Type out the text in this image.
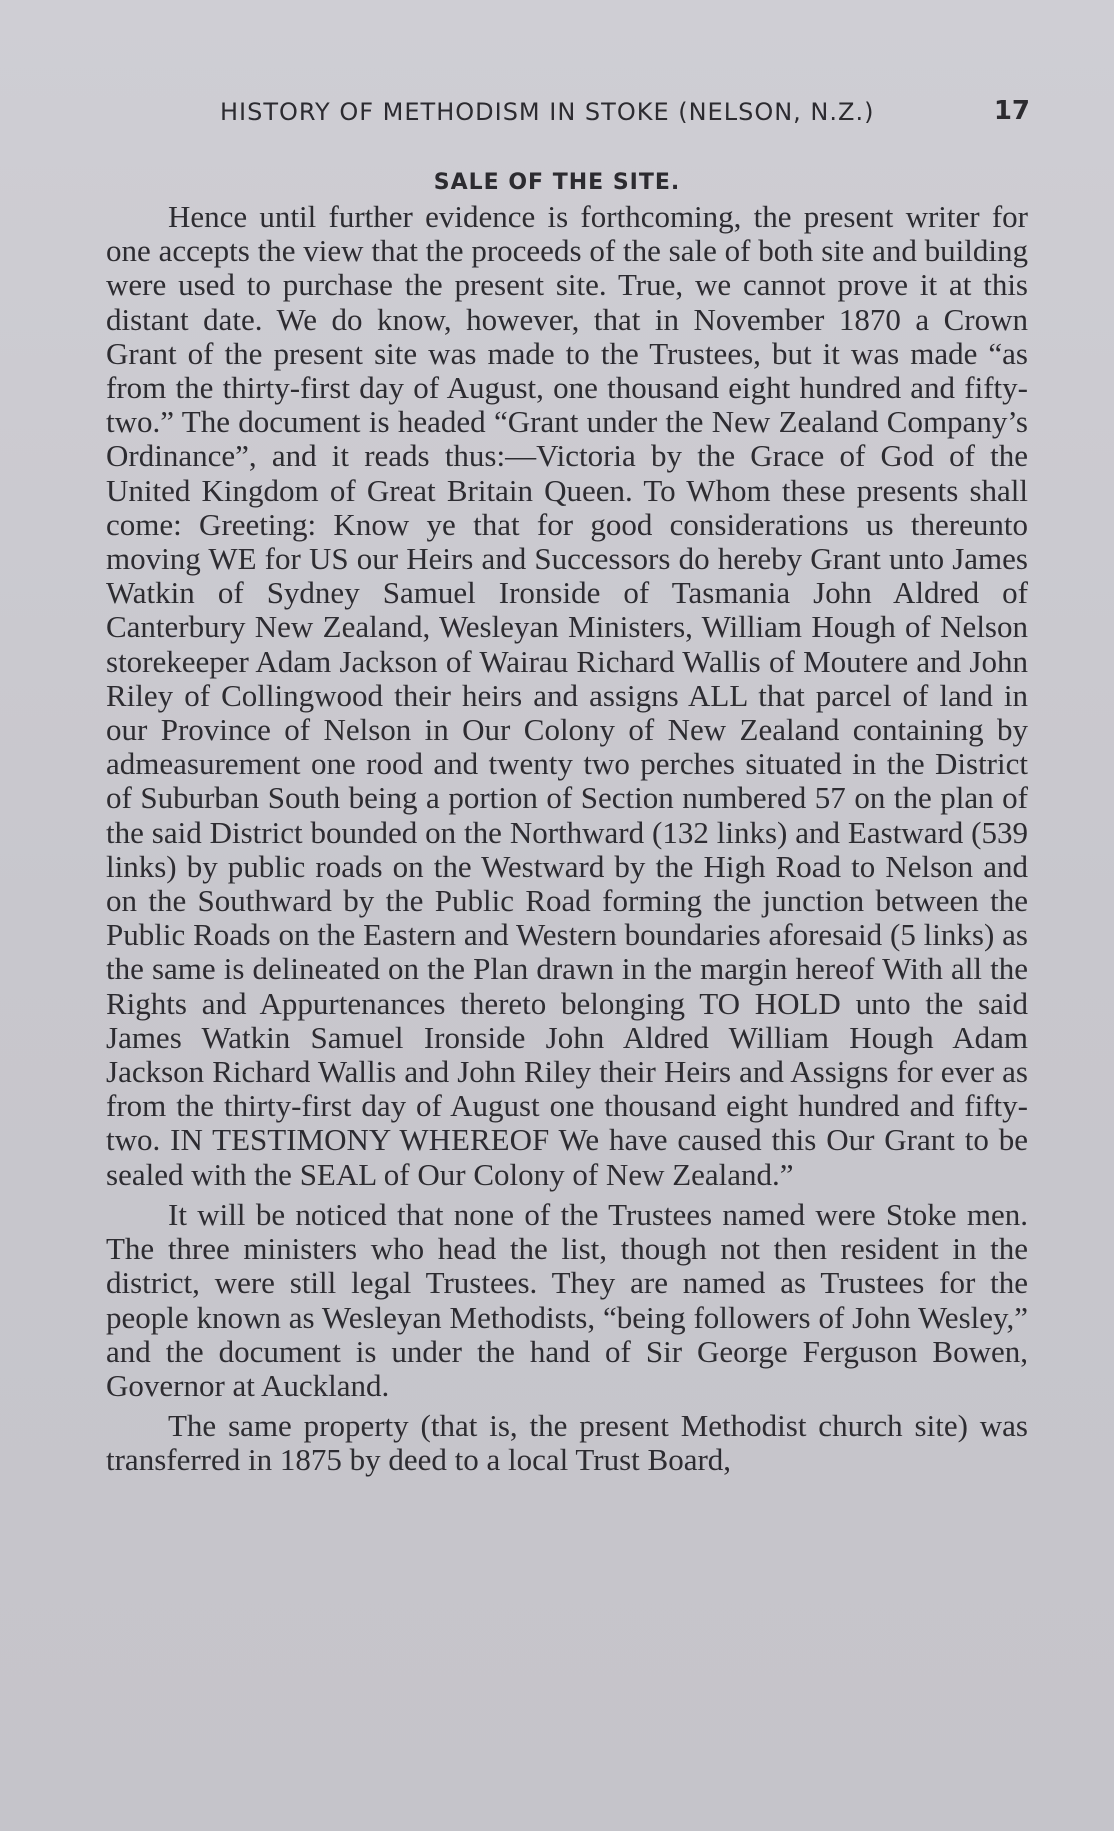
HISTORY OF METHODISM IN STOKE (NELSON, N.Z.)	17
SALE OF THE SITE.

Hence until further evidence is forthcoming, the present writer for one accepts the view that the proceeds of the sale of both site and building were used to purchase the present site. True, we cannot prove it at this distant date. We do know, however, that in November 1870 a Crown Grant of the present site was made to the Trustees, but it was made “as from the thirty-first day of August, one thousand eight hundred and fifty-two.” The document is headed “Grant under the New Zealand Company’s Ordinance”, and it reads thus:—Victoria by the Grace of God of the United Kingdom of Great Britain Queen. To Whom these presents shall come: Greeting: Know ye that for good considerations us thereunto moving WE for US our Heirs and Successors do hereby Grant unto James Watkin of Sydney Samuel Ironside of Tasmania John Aldred of Canterbury New Zealand, Wesleyan Ministers, William Hough of Nelson storekeeper Adam Jackson of Wairau Richard Wallis of Moutere and John Riley of Collingwood their heirs and assigns ALL that parcel of land in our Province of Nelson in Our Colony of New Zealand containing by admeasurement one rood and twenty two perches situated in the District of Suburban South being a portion of Section numbered 57 on the plan of the said District bounded on the Northward (132 links) and Eastward (539 links) by public roads on the Westward by the High Road to Nelson and on the Southward by the Public Road forming the junction between the Public Roads on the Eastern and Western boundaries aforesaid (5 links) as the same is delineated on the Plan drawn in the margin hereof With all the Rights and Appurtenances thereto belonging TO HOLD unto the said James Watkin Samuel Ironside John Aldred William Hough Adam Jackson Richard Wallis and John Riley their Heirs and Assigns for ever as from the thirty-first day of August one thousand eight hundred and fifty-two. IN TESTIMONY WHEREOF We have caused this Our Grant to be sealed with the SEAL of Our Colony of New Zealand.”

It will be noticed that none of the Trustees named were Stoke men. The three ministers who head the list, though not then resident in the district, were still legal Trustees. They are named as Trustees for the people known as Wesleyan Methodists, “being followers of John Wesley,” and the document is under the hand of Sir George Ferguson Bowen, Governor at Auckland.

The same property (that is, the present Methodist church site) was transferred in 1875 by deed to a local Trust Board,
